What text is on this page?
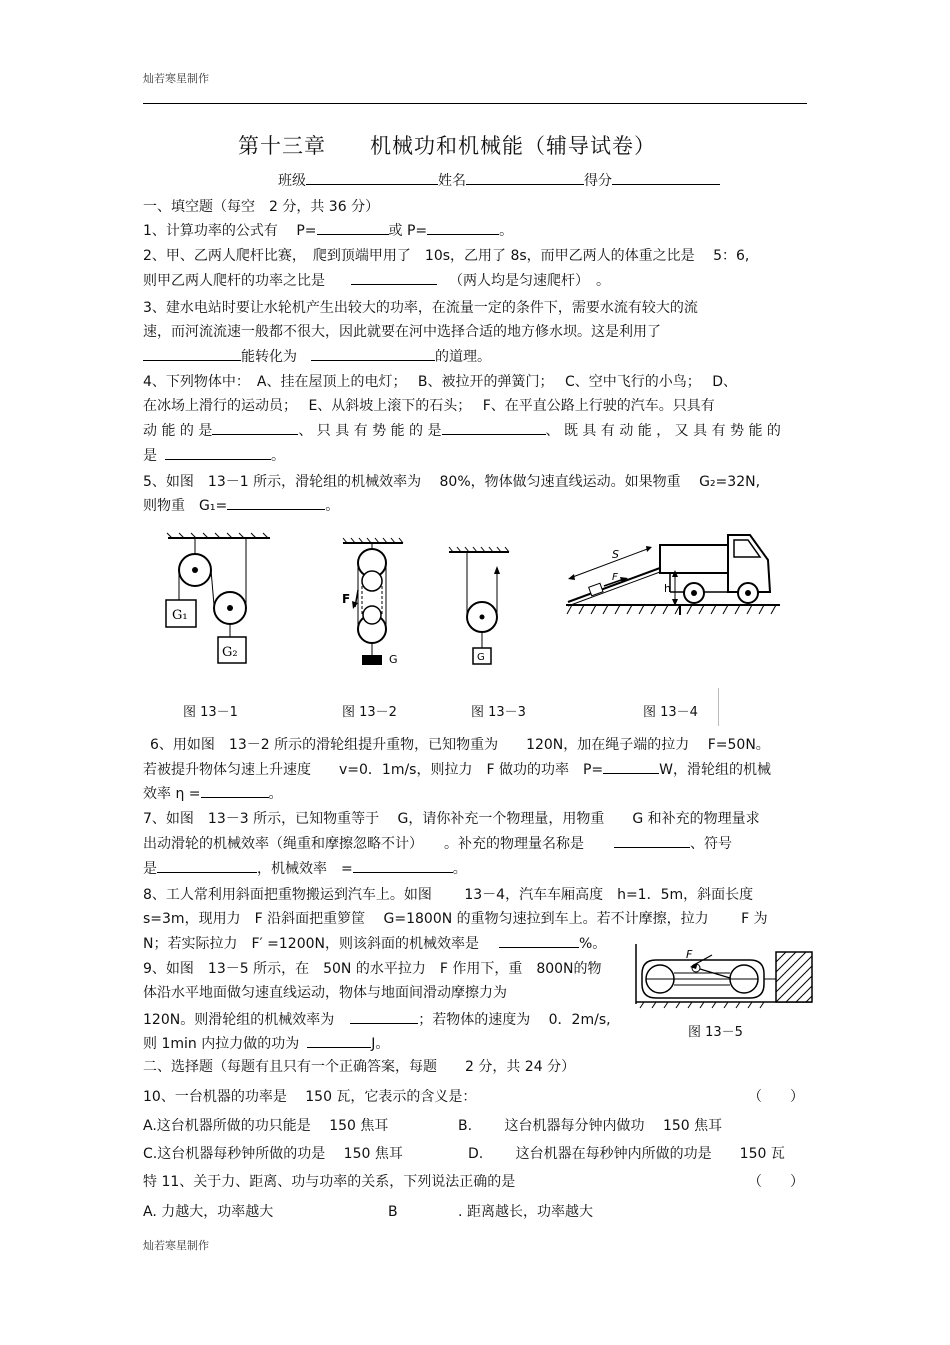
灿若寒星制作
灿若寒星制作
第十三章　　机械功和机械能（辅导试卷）
班级	姓名	得分
一、填空题（每空　2 分，共 36 分）
1、计算功率的公式有　 P=	或 P=	。
2、甲、乙两人爬杆比赛，　爬到顶端甲用了　10s，乙用了 8s，而甲乙两人的体重之比是　 5：6,
则甲乙两人爬杆的功率之比是	（两人均是匀速爬杆）　。
3、建水电站时要让水轮机产生出较大的功率，在流量一定的条件下，需要水流有较大的流
速，而河流流速一般都不很大，因此就要在河中选择合适的地方修水坝。这是利用了
能转化为	的道理。
4、下列物体中：　A、挂在屋顶上的电灯；　 B、被拉开的弹簧门；　 C、空中飞行的小鸟；　 D、
在冰场上滑行的运动员；　 E、从斜坡上滚下的石头；　 F、在平直公路上行驶的汽车。只具有
动 能 的 是	、 只 具 有 势 能 的 是	、 既 具 有 动 能 ， 又 具 有 势 能 的
是	。
5、如图　13－1 所示，滑轮组的机械效率为　 80%，物体做匀速直线运动。如果物重　 G₂=32N,
则物重　G₁=	。
G₁
G₂
F
G	G
F
S
h
图 13－1	图 13－2	图 13－3	图 13－4
6、用如图　13－2 所示的滑轮组提升重物，已知物重为　　120N，加在绳子端的拉力　 F=50N。
若被提升物体匀速上升速度　　v=0．1m/s，则拉力　F 做功的功率　P=	W，滑轮组的机械
效率 η =	。
7、如图　13－3 所示，已知物重等于　 G，请你补充一个物理量，用物重　　G 和补充的物理量求
出动滑轮的机械效率（绳重和摩擦忽略不计）　　。补充的物理量名称是	、符号
是	，机械效率　=	。
8、工人常利用斜面把重物搬运到汽车上。如图　　 13－4，汽车车厢高度　h=1．5m，斜面长度
s=3m，现用力　F 沿斜面把重箩筐　 G=1800N 的重物匀速拉到车上。若不计摩擦，拉力　　 F 为
N；若实际拉力　F′ =1200N，则该斜面的机械效率是	%。
9、如图　13－5 所示，在　50N 的水平拉力　F 作用下，重　800N的物
体沿水平地面做匀速直线运动，物体与地面间滑动摩擦力为
120N。则滑轮组的机械效率为	；若物体的速度为　 0．2m/s,
则 1min 内拉力做的功为	J。
F
图 13－5
二、选择题（每题有且只有一个正确答案，每题　　2 分，共 24 分）
10、一台机器的功率是　 150 瓦，它表示的含义是：	（　　）
A.这台机器所做的功只能是　 150 焦耳	B.　　 这台机器每分钟内做功　 150 焦耳
C.这台机器每秒钟所做的功是　 150 焦耳	D.　　 这台机器在每秒钟内所做的功是　　150 瓦
特 11、关于力、距离、功与功率的关系，下列说法正确的是	（　　）
A. 力越大，功率越大	B　　　　 . 距离越长，功率越大
